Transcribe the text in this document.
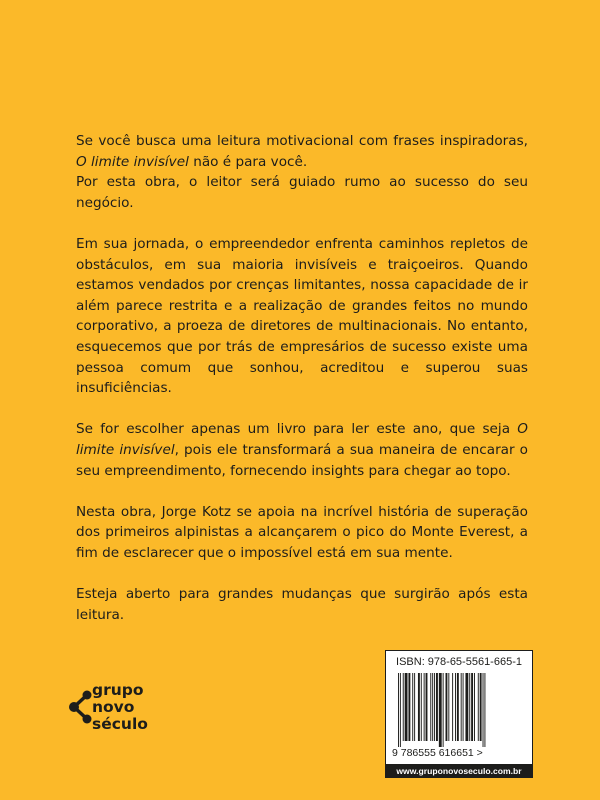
Se você busca uma leitura motivacional com frases inspiradoras, O limite invisível não é para você.
Por esta obra, o leitor será guiado rumo ao sucesso do seu negócio.

Em sua jornada, o empreendedor enfrenta caminhos repletos de obstáculos, em sua maioria invisíveis e traiçoeiros. Quando estamos vendados por crenças limitantes, nossa capacidade de ir além parece restrita e a realização de grandes feitos no mundo corporativo, a proeza de diretores de multinacionais. No entanto, esquecemos que por trás de empresários de sucesso existe uma pessoa comum que sonhou, acreditou e superou suas insuficiências.

Se for escolher apenas um livro para ler este ano, que seja O limite invisível, pois ele transformará a sua maneira de encarar o seu empreendimento, fornecendo insights para chegar ao topo.

Nesta obra, Jorge Kotz se apoia na incrível história de superação dos primeiros alpinistas a alcançarem o pico do Monte Everest, a fim de esclarecer que o impossível está em sua mente.

Esteja aberto para grandes mudanças que surgirão após esta leitura.

grupo
novo
século
ISBN: 978-65-5561-665-1
9 786555 616651 >
www.gruponovoseculo.com.br
